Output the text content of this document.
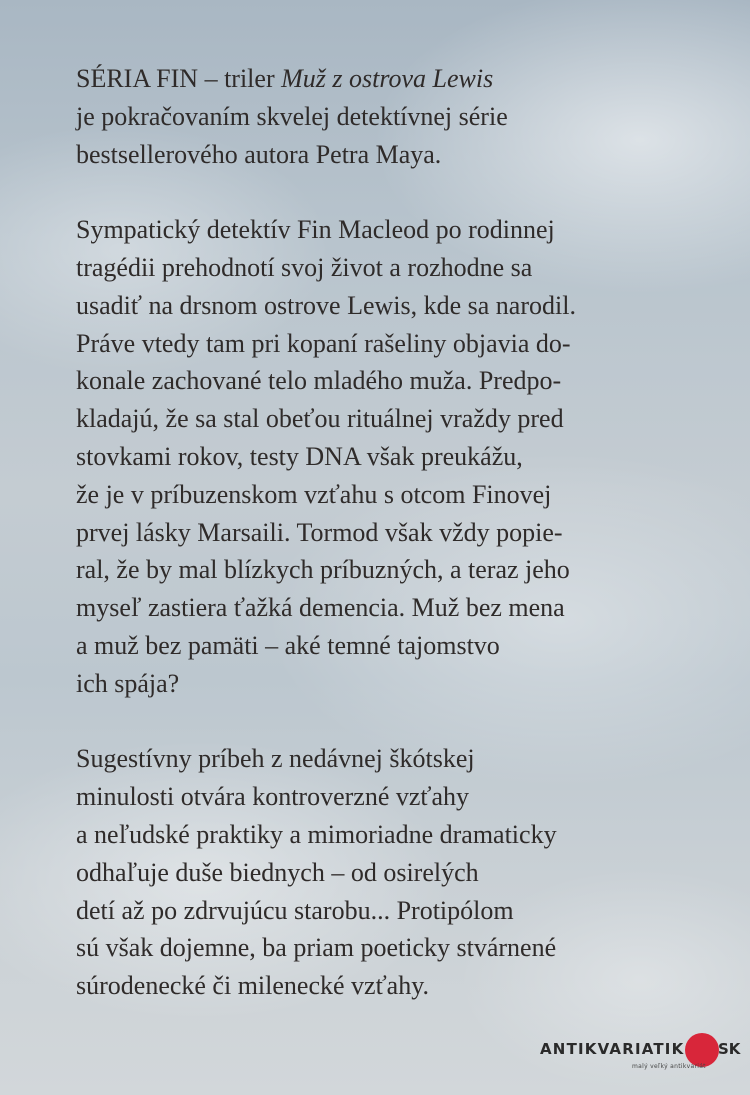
SÉRIA FIN – triler Muž z ostrova Lewis
je pokračovaním skvelej detektívnej série
bestsellerového autora Petra Maya.

Sympatický detektív Fin Macleod po rodinnej
tragédii prehodnotí svoj život a rozhodne sa
usadiť na drsnom ostrove Lewis, kde sa narodil.
Práve vtedy tam pri kopaní rašeliny objavia do-
konale zachované telo mladého muža. Predpo-
kladajú, že sa stal obeťou rituálnej vraždy pred
stovkami rokov, testy DNA však preukážu,
že je v príbuzenskom vzťahu s otcom Finovej
prvej lásky Marsaili. Tormod však vždy popie-
ral, že by mal blízkych príbuzných, a teraz jeho
myseľ zastiera ťažká demencia. Muž bez mena
a muž bez pamäti – aké temné tajomstvo
ich spája?

Sugestívny príbeh z nedávnej škótskej
minulosti otvára kontroverzné vzťahy
a neľudské praktiky a mimoriadne dramaticky
odhaľuje duše biednych – od osirelých
detí až po zdrvujúcu starobu... Protipólom
sú však dojemne, ba priam poeticky stvárnené
súrodenecké či milenecké vzťahy.

ANTIKVARIATIK SK
malý veľký antikvariát
